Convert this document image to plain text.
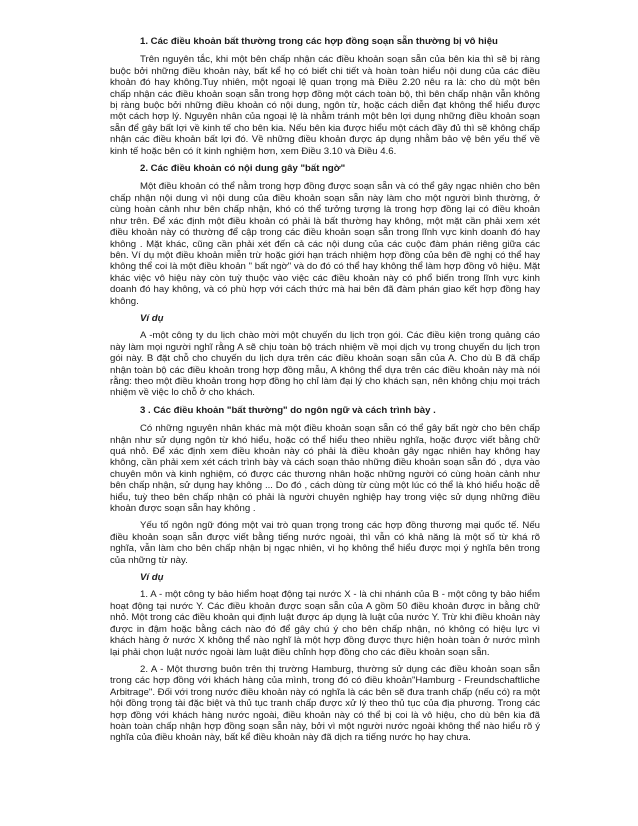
1. Các điều khoản bất thường trong các hợp đồng soạn sẵn thường bị vô hiệu

Trên nguyên tắc, khi một bên chấp nhận các điều khoản soạn sẵn của bên kia thì sẽ bị ràng buộc bởi những điều khoản này, bất kể họ có biết chi tiết và hoàn toàn hiểu nội dung của các điều khoản đó hay không.Tuy nhiên, một ngoại lệ quan trọng mà Điều 2.20 nêu ra là: cho dù một bên chấp nhận các điều khoản soạn sẵn trong hợp đồng một cách toàn bộ, thì bên chấp nhận vẫn không bị ràng buộc bởi những điều khoản có nội dung, ngôn từ, hoặc cách diễn đạt không thể hiểu được một cách hợp lý. Nguyên nhân của ngoại lệ là nhằm tránh một bên lợi dụng những điều khoản soạn sẵn để gây bất lợi về kinh tế cho bên kia. Nếu bên kia được hiểu một cách đầy đủ thì sẽ không chấp nhận các điều khoản bất lợi đó. Về những điều khoản được áp dụng nhằm bảo vệ bên yếu thế về kinh tế hoặc bên có ít kinh nghiệm hơn, xem Điều 3.10 và Điều 4.6.

2. Các điều khoản có nội dung gây "bất ngờ"

Một điều khoản có thể nằm trong hợp đồng được soạn sẵn và có thể gây ngạc nhiên cho bên chấp nhận nội dung vì nội dung của điều khoản soạn sẵn này làm cho một người bình thường, ở cùng hoàn cảnh như bên chấp nhận, khó có thể tưởng tượng là trong hợp đồng lại có điều khoản như trên. Để xác định một điều khoản có phải là bất thường hay không, một mặt cần phải xem xét điều khoản này có thường để cập trong các điều khoản soạn sẵn trong lĩnh vực kinh doanh đó hay không . Mặt khác, cũng cần phải xét đến cả các nội dung của các cuộc đàm phán riêng giữa các bên. Ví dụ một điều khoản miễn trừ hoặc giới hạn trách nhiệm hợp đồng của bên đề nghị có thể hay không thể coi là một điều khoản " bất ngờ" và do đó có thể hay không thể làm hợp đồng vô hiệu. Mặt khác việc vô hiệu này còn tuỳ thuộc vào việc các điều khoản này có phổ biến trong lĩnh vực kinh doanh đó hay không, và có phù hợp với cách thức mà hai bên đã đàm phán giao kết hợp đồng hay không.

Ví dụ

A -một công ty du lịch chào mời một chuyến du lịch trọn gói. Các điều kiện trong quảng cáo này làm mọi người nghĩ rằng A sẽ chịu toàn bộ trách nhiệm về mọi dịch vụ trong chuyến du lịch trọn gói này. B đặt chỗ cho chuyến du lịch dựa trên các điều khoản soạn sẵn của A. Cho dù B đã chấp nhận toàn bộ các điều khoản trong hợp đồng mẫu, A không thể dựa trên các điều khoản này mà nói rằng: theo một điều khoản trong hợp đồng họ chỉ làm đại lý cho khách sạn, nên không chịu mọi trách nhiệm về việc lo chỗ ở cho khách.

3 . Các điều khoản "bất thường" do ngôn ngữ và cách trình bày .

Có những nguyên nhân khác mà một điều khoản soạn sẵn có thể gây bất ngờ cho bên chấp nhận như sử dụng ngôn từ khó hiểu, hoặc có thể hiểu theo nhiều nghĩa, hoặc được viết bằng chữ quá nhỏ. Để xác định xem điều khoản này có phải là điều khoản gây ngạc nhiên hay không hay không, cần phải xem xét cách trình bày và cách soạn thảo những điều khoản soạn sẵn đó , dựa vào chuyên môn và kinh nghiệm, có được các thương nhân hoặc những người có cùng hoàn cảnh như bên chấp nhận, sử dụng hay không ... Do đó , cách dùng từ cùng một lúc có thể là khó hiểu hoặc dễ hiểu, tuỳ theo bên chấp nhận có phải là người chuyên nghiệp hay trong việc sử dụng những điều khoản được soạn sẵn hay không .

Yếu tố ngôn ngữ đóng một vai trò quan trọng trong các hợp đồng thương mại quốc tế. Nếu điều khoản soạn sẵn được viết bằng tiếng nước ngoài, thì vẫn có khả năng là một số từ khá rõ nghĩa, vẫn làm cho bên chấp nhận bị ngạc nhiên, vì họ không thể hiểu được mọi ý nghĩa bên trong của những từ này.

Ví dụ

1. A - một công ty bảo hiểm hoạt động tại nước X - là chi nhánh của B - một công ty bảo hiểm hoạt động tại nước Y. Các điều khoản được soạn sẵn của A gồm 50 điều khoản được in bằng chữ nhỏ. Một trong các điều khoản qui định luật được áp dụng là luật của nước Y. Trừ khi điều khoản này được in đậm hoặc bằng cách nào đó để gây chú ý cho bên chấp nhận, nó không có hiệu lực vì khách hàng ở nước X không thể nào nghĩ là một hợp đồng được thực hiện hoàn toàn ở nước mình lại phải chọn luật nước ngoài làm luật điều chỉnh hợp đồng cho các điều khoản soạn sẵn.

2. A - Một thương buôn trên thị trường Hamburg, thường sử dụng các điều khoản soạn sẵn trong các hợp đồng với khách hàng của mình, trong đó có điều khoản"Hamburg - Freundschaftliche Arbitrage". Đối với trong nước điều khoản này có nghĩa là các bên sẽ đưa tranh chấp (nếu có) ra một hội đồng trọng tài đặc biệt và thủ tục tranh chấp được xử lý theo thủ tục của địa phương. Trong các hợp đồng với khách hàng nước ngoài, điều khoản này có thể bị coi là vô hiệu, cho dù bên kia đã hoàn toàn chấp nhận hợp đồng soạn sẵn này, bởi vì một người nước ngoài không thể nào hiểu rõ ý nghĩa của điều khoản này, bất kể điều khoản này đã dịch ra tiếng nước họ hay chưa.
